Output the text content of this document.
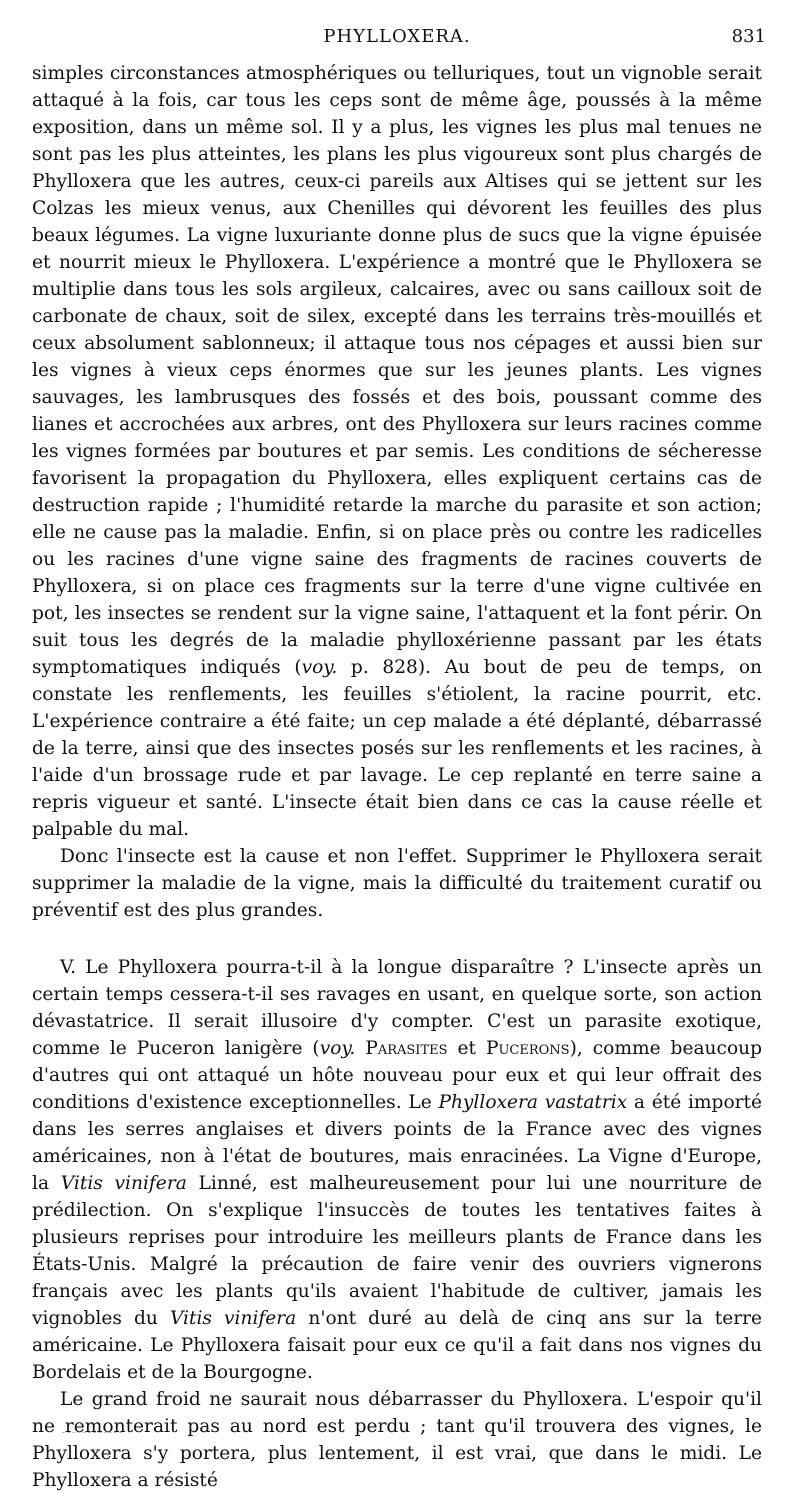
PHYLLOXERA.	831

simples circonstances atmosphériques ou telluriques, tout un vignoble serait attaqué à la fois, car tous les ceps sont de même âge, poussés à la même exposition, dans un même sol. Il y a plus, les vignes les plus mal tenues ne sont pas les plus atteintes, les plans les plus vigoureux sont plus chargés de Phylloxera que les autres, ceux-ci pareils aux Altises qui se jettent sur les Colzas les mieux venus, aux Chenilles qui dévorent les feuilles des plus beaux légumes. La vigne luxuriante donne plus de sucs que la vigne épuisée et nourrit mieux le Phylloxera. L'expérience a montré que le Phylloxera se multiplie dans tous les sols argileux, calcaires, avec ou sans cailloux soit de carbonate de chaux, soit de silex, excepté dans les terrains très-mouillés et ceux absolument sablonneux; il attaque tous nos cépages et aussi bien sur les vignes à vieux ceps énormes que sur les jeunes plants. Les vignes sauvages, les lambrusques des fossés et des bois, poussant comme des lianes et accrochées aux arbres, ont des Phylloxera sur leurs racines comme les vignes formées par boutures et par semis. Les conditions de sécheresse favorisent la propagation du Phylloxera, elles expliquent certains cas de destruction rapide ; l'humidité retarde la marche du parasite et son action; elle ne cause pas la maladie. Enfin, si on place près ou contre les radicelles ou les racines d'une vigne saine des fragments de racines couverts de Phylloxera, si on place ces fragments sur la terre d'une vigne cultivée en pot, les insectes se rendent sur la vigne saine, l'attaquent et la font périr. On suit tous les degrés de la maladie phylloxérienne passant par les états symptomatiques indiqués (voy. p. 828). Au bout de peu de temps, on constate les renflements, les feuilles s'étiolent, la racine pourrit, etc. L'expérience contraire a été faite; un cep malade a été déplanté, débarrassé de la terre, ainsi que des insectes posés sur les renflements et les racines, à l'aide d'un brossage rude et par lavage. Le cep replanté en terre saine a repris vigueur et santé. L'insecte était bien dans ce cas la cause réelle et palpable du mal.

Donc l'insecte est la cause et non l'effet. Supprimer le Phylloxera serait supprimer la maladie de la vigne, mais la difficulté du traitement curatif ou préventif est des plus grandes.

V. Le Phylloxera pourra-t-il à la longue disparaître ? L'insecte après un certain temps cessera-t-il ses ravages en usant, en quelque sorte, son action dévastatrice. Il serait illusoire d'y compter. C'est un parasite exotique, comme le Puceron lanigère (voy. Parasites et Pucerons), comme beaucoup d'autres qui ont attaqué un hôte nouveau pour eux et qui leur offrait des conditions d'existence exceptionnelles. Le Phylloxera vastatrix a été importé dans les serres anglaises et divers points de la France avec des vignes américaines, non à l'état de boutures, mais enracinées. La Vigne d'Europe, la Vitis vinifera Linné, est malheureusement pour lui une nourriture de prédilection. On s'explique l'insuccès de toutes les tentatives faites à plusieurs reprises pour introduire les meilleurs plants de France dans les États-Unis. Malgré la précaution de faire venir des ouvriers vignerons français avec les plants qu'ils avaient l'habitude de cultiver, jamais les vignobles du Vitis vinifera n'ont duré au delà de cinq ans sur la terre américaine. Le Phylloxera faisait pour eux ce qu'il a fait dans nos vignes du Bordelais et de la Bourgogne.

Le grand froid ne saurait nous débarrasser du Phylloxera. L'espoir qu'il ne remonterait pas au nord est perdu ; tant qu'il trouvera des vignes, le Phylloxera s'y portera, plus lentement, il est vrai, que dans le midi. Le Phylloxera a résisté
